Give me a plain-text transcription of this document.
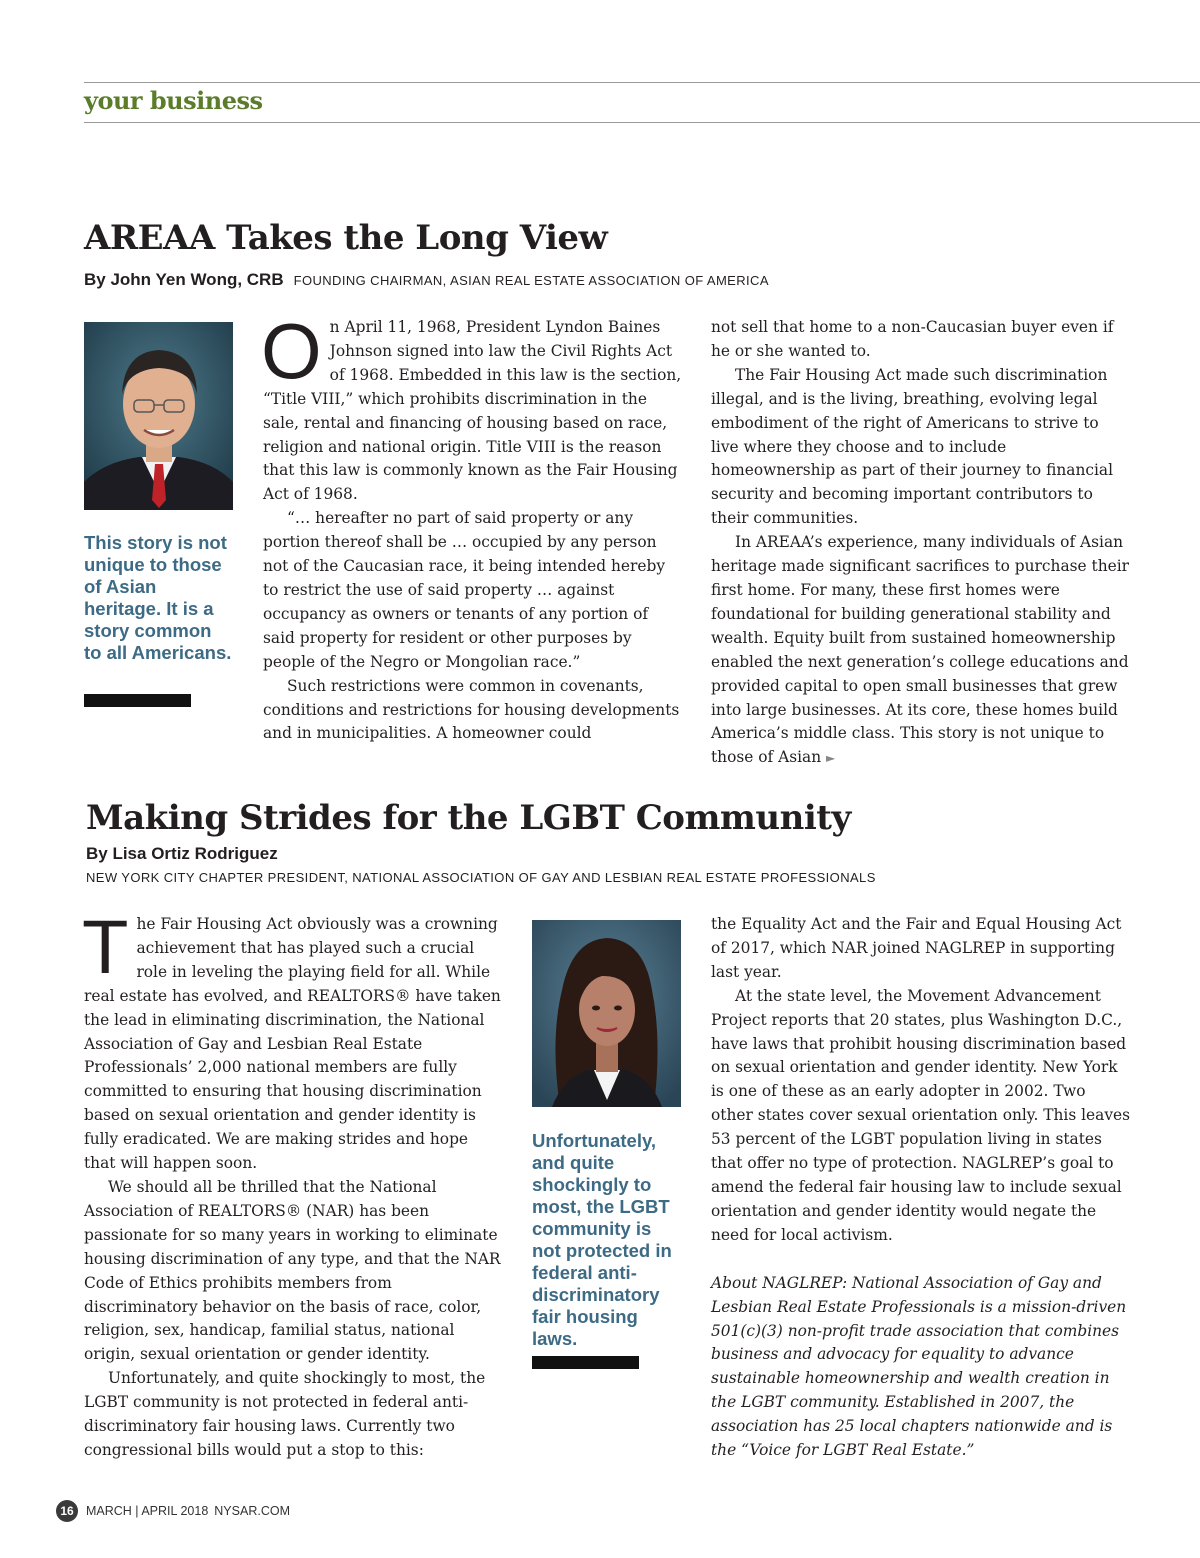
your business
AREAA Takes the Long View
By John Yen Wong, CRB FOUNDING CHAIRMAN, ASIAN REAL ESTATE ASSOCIATION OF AMERICA
This story is not unique to those of Asian heritage. It is a story common to all Americans.
O n April 11, 1968, President Lyndon Baines Johnson signed into law the Civil Rights Act of 1968. Embedded in this law is the section, “Title VIII,” which prohibits discrimination in the sale, rental and financing of housing based on race, religion and national origin. Title VIII is the reason that this law is commonly known as the Fair Housing Act of 1968.

“… hereafter no part of said property or any portion thereof shall be … occupied by any person not of the Caucasian race, it being intended hereby to restrict the use of said property … against occupancy as owners or tenants of any portion of said property for resident or other purposes by people of the Negro or Mongolian race.”

Such restrictions were common in covenants, conditions and restrictions for housing developments and in municipalities. A homeowner could

not sell that home to a non-Caucasian buyer even if he or she wanted to.

The Fair Housing Act made such discrimination illegal, and is the living, breathing, evolving legal embodiment of the right of Americans to strive to live where they choose and to include homeownership as part of their journey to financial security and becoming important contributors to their communities.

In AREAA’s experience, many individuals of Asian heritage made significant sacrifices to purchase their first home. For many, these first homes were foundational for building generational stability and wealth. Equity built from sustained homeownership enabled the next generation’s college educations and provided capital to open small businesses that grew into large businesses. At its core, these homes build America’s middle class. This story is not unique to those of Asian ►

Making Strides for the LGBT Community
By Lisa Ortiz Rodriguez
NEW YORK CITY CHAPTER PRESIDENT, NATIONAL ASSOCIATION OF GAY AND LESBIAN REAL ESTATE PROFESSIONALS
T he Fair Housing Act obviously was a crowning achievement that has played such a crucial role in leveling the playing field for all. While real estate has evolved, and REALTORS® have taken the lead in eliminating discrimination, the National Association of Gay and Lesbian Real Estate Professionals’ 2,000 national members are fully committed to ensuring that housing discrimination based on sexual orientation and gender identity is fully eradicated. We are making strides and hope that will happen soon.

We should all be thrilled that the National Association of REALTORS® (NAR) has been passionate for so many years in working to eliminate housing discrimination of any type, and that the NAR Code of Ethics prohibits members from discriminatory behavior on the basis of race, color, religion, sex, handicap, familial status, national origin, sexual orientation or gender identity.

Unfortunately, and quite shockingly to most, the LGBT community is not protected in federal anti-discriminatory fair housing laws. Currently two congressional bills would put a stop to this:

Unfortunately, and quite shockingly to most, the LGBT community is not protected in federal anti-discriminatory fair housing laws.

the Equality Act and the Fair and Equal Housing Act of 2017, which NAR joined NAGLREP in supporting last year.

At the state level, the Movement Advancement Project reports that 20 states, plus Washington D.C., have laws that prohibit housing discrimination based on sexual orientation and gender identity. New York is one of these as an early adopter in 2002. Two other states cover sexual orientation only. This leaves 53 percent of the LGBT population living in states that offer no type of protection. NAGLREP’s goal to amend the federal fair housing law to include sexual orientation and gender identity would negate the need for local activism.

About NAGLREP: National Association of Gay and Lesbian Real Estate Professionals is a mission-driven 501(c)(3) non-profit trade association that combines business and advocacy for equality to advance sustainable homeownership and wealth creation in the LGBT community. Established in 2007, the association has 25 local chapters nationwide and is the “Voice for LGBT Real Estate.”

16 MARCH | APRIL 2018 NYSAR.COM
